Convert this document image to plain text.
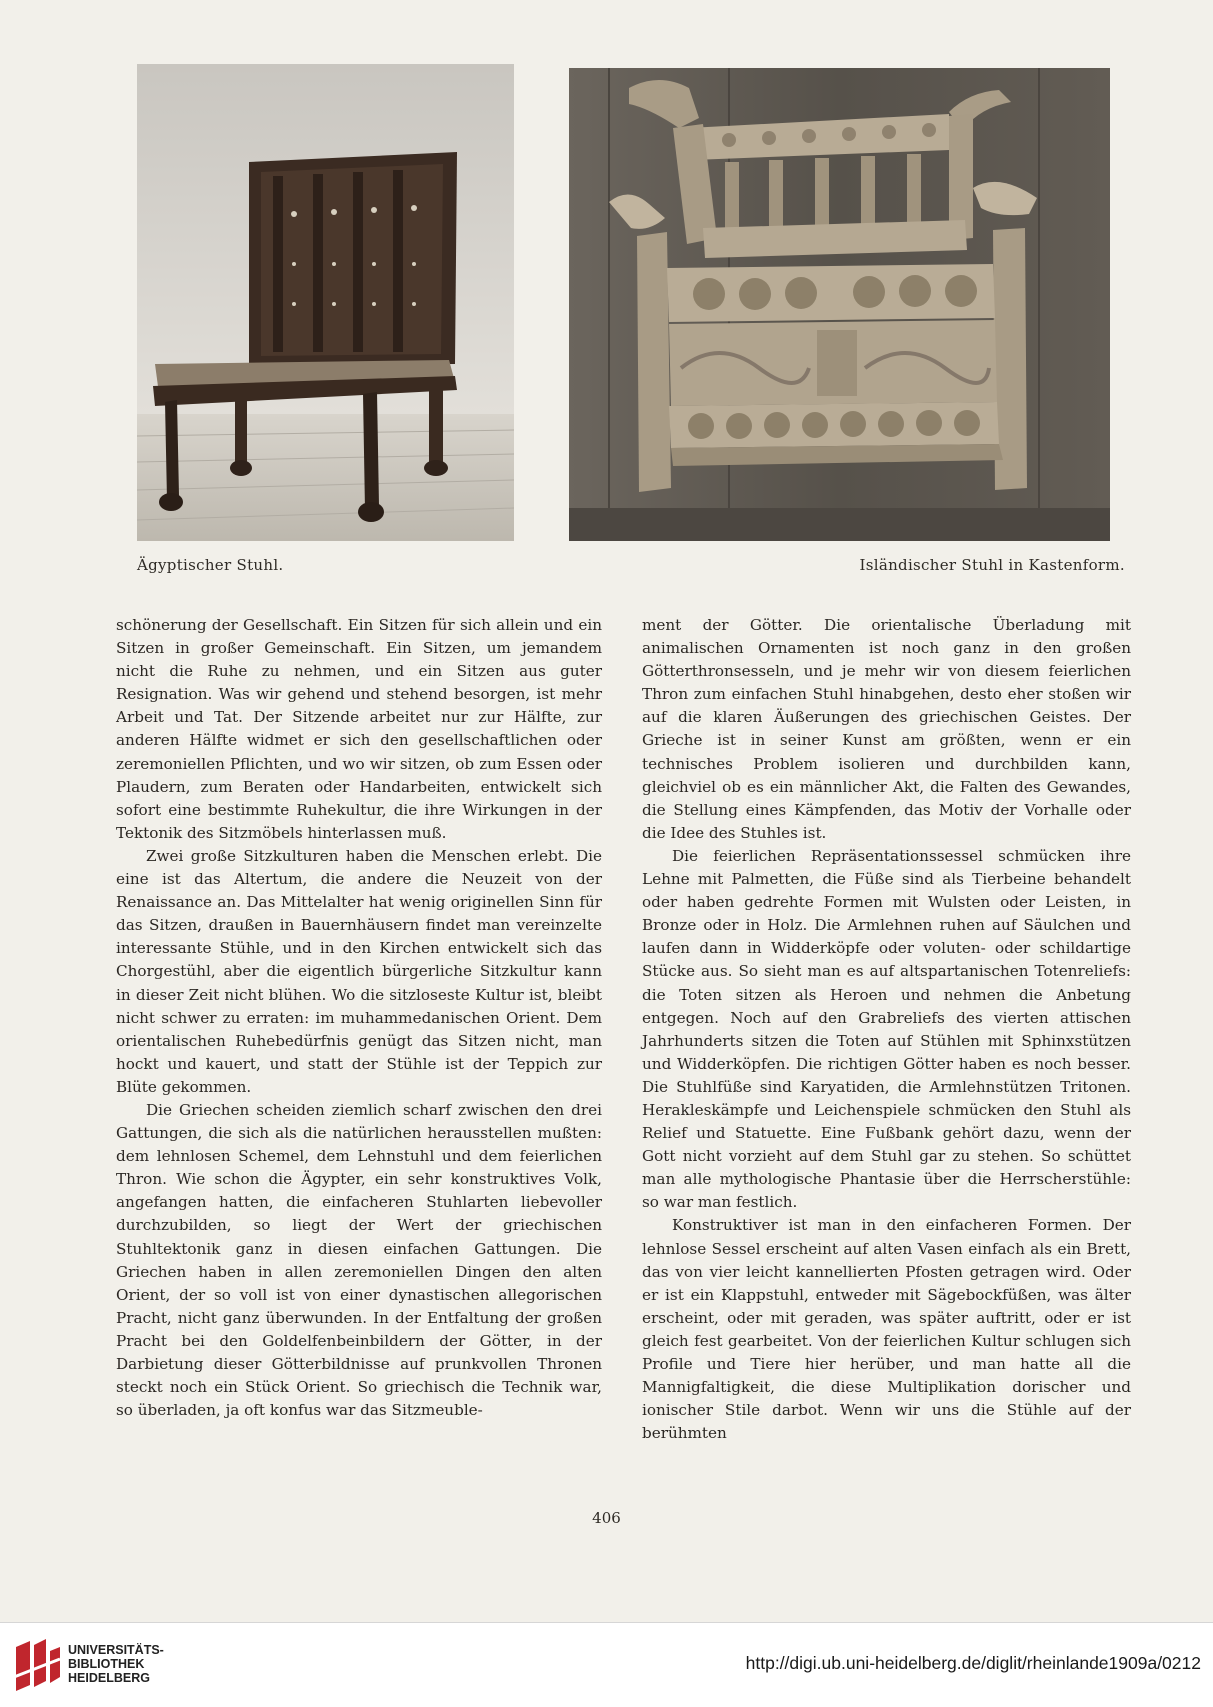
Ägyptischer Stuhl.	Isländischer Stuhl in Kastenform.

schönerung der Gesellschaft. Ein Sitzen für sich allein und ein Sitzen in großer Gemeinschaft. Ein Sitzen, um jemandem nicht die Ruhe zu nehmen, und ein Sitzen aus guter Resignation. Was wir gehend und stehend besorgen, ist mehr Arbeit und Tat. Der Sitzende arbeitet nur zur Hälfte, zur anderen Hälfte widmet er sich den gesellschaftlichen oder zeremoniellen Pflichten, und wo wir sitzen, ob zum Essen oder Plaudern, zum Beraten oder Handarbeiten, entwickelt sich sofort eine bestimmte Ruhekultur, die ihre Wirkungen in der Tektonik des Sitzmöbels hinterlassen muß.

Zwei große Sitzkulturen haben die Menschen erlebt. Die eine ist das Altertum, die andere die Neuzeit von der Renaissance an. Das Mittelalter hat wenig originellen Sinn für das Sitzen, draußen in Bauernhäusern findet man vereinzelte interessante Stühle, und in den Kirchen entwickelt sich das Chorgestühl, aber die eigentlich bürgerliche Sitzkultur kann in dieser Zeit nicht blühen. Wo die sitzloseste Kultur ist, bleibt nicht schwer zu erraten: im muhammedanischen Orient. Dem orientalischen Ruhebedürfnis genügt das Sitzen nicht, man hockt und kauert, und statt der Stühle ist der Teppich zur Blüte gekommen.

Die Griechen scheiden ziemlich scharf zwischen den drei Gattungen, die sich als die natürlichen herausstellen mußten: dem lehnlosen Schemel, dem Lehnstuhl und dem feierlichen Thron. Wie schon die Ägypter, ein sehr konstruktives Volk, angefangen hatten, die einfacheren Stuhlarten liebevoller durchzubilden, so liegt der Wert der griechischen Stuhltektonik ganz in diesen einfachen Gattungen. Die Griechen haben in allen zeremoniellen Dingen den alten Orient, der so voll ist von einer dynastischen allegorischen Pracht, nicht ganz überwunden. In der Entfaltung der großen Pracht bei den Goldelfenbeinbildern der Götter, in der Darbietung dieser Götterbildnisse auf prunkvollen Thronen steckt noch ein Stück Orient. So griechisch die Technik war, so überladen, ja oft konfus war das Sitzmeuble-

ment der Götter. Die orientalische Überladung mit animalischen Ornamenten ist noch ganz in den großen Götterthronsesseln, und je mehr wir von diesem feierlichen Thron zum einfachen Stuhl hinabgehen, desto eher stoßen wir auf die klaren Äußerungen des griechischen Geistes. Der Grieche ist in seiner Kunst am größten, wenn er ein technisches Problem isolieren und durchbilden kann, gleichviel ob es ein männlicher Akt, die Falten des Gewandes, die Stellung eines Kämpfenden, das Motiv der Vorhalle oder die Idee des Stuhles ist.

Die feierlichen Repräsentationssessel schmücken ihre Lehne mit Palmetten, die Füße sind als Tierbeine behandelt oder haben gedrehte Formen mit Wulsten oder Leisten, in Bronze oder in Holz. Die Armlehnen ruhen auf Säulchen und laufen dann in Widderköpfe oder voluten- oder schildartige Stücke aus. So sieht man es auf altspartanischen Totenreliefs: die Toten sitzen als Heroen und nehmen die Anbetung entgegen. Noch auf den Grabreliefs des vierten attischen Jahrhunderts sitzen die Toten auf Stühlen mit Sphinxstützen und Widderköpfen. Die richtigen Götter haben es noch besser. Die Stuhlfüße sind Karyatiden, die Armlehnstützen Tritonen. Herakleskämpfe und Leichenspiele schmücken den Stuhl als Relief und Statuette. Eine Fußbank gehört dazu, wenn der Gott nicht vorzieht auf dem Stuhl gar zu stehen. So schüttet man alle mythologische Phantasie über die Herrscherstühle: so war man festlich.

Konstruktiver ist man in den einfacheren Formen. Der lehnlose Sessel erscheint auf alten Vasen einfach als ein Brett, das von vier leicht kannellierten Pfosten getragen wird. Oder er ist ein Klappstuhl, entweder mit Sägebockfüßen, was älter erscheint, oder mit geraden, was später auftritt, oder er ist gleich fest gearbeitet. Von der feierlichen Kultur schlugen sich Profile und Tiere hier herüber, und man hatte all die Mannigfaltigkeit, die diese Multiplikation dorischer und ionischer Stile darbot. Wenn wir uns die Stühle auf der berühmten

406
UNIVERSITÄTS-
BIBLIOTHEK
HEIDELBERG
http://digi.ub.uni-heidelberg.de/diglit/rheinlande1909a/0212
